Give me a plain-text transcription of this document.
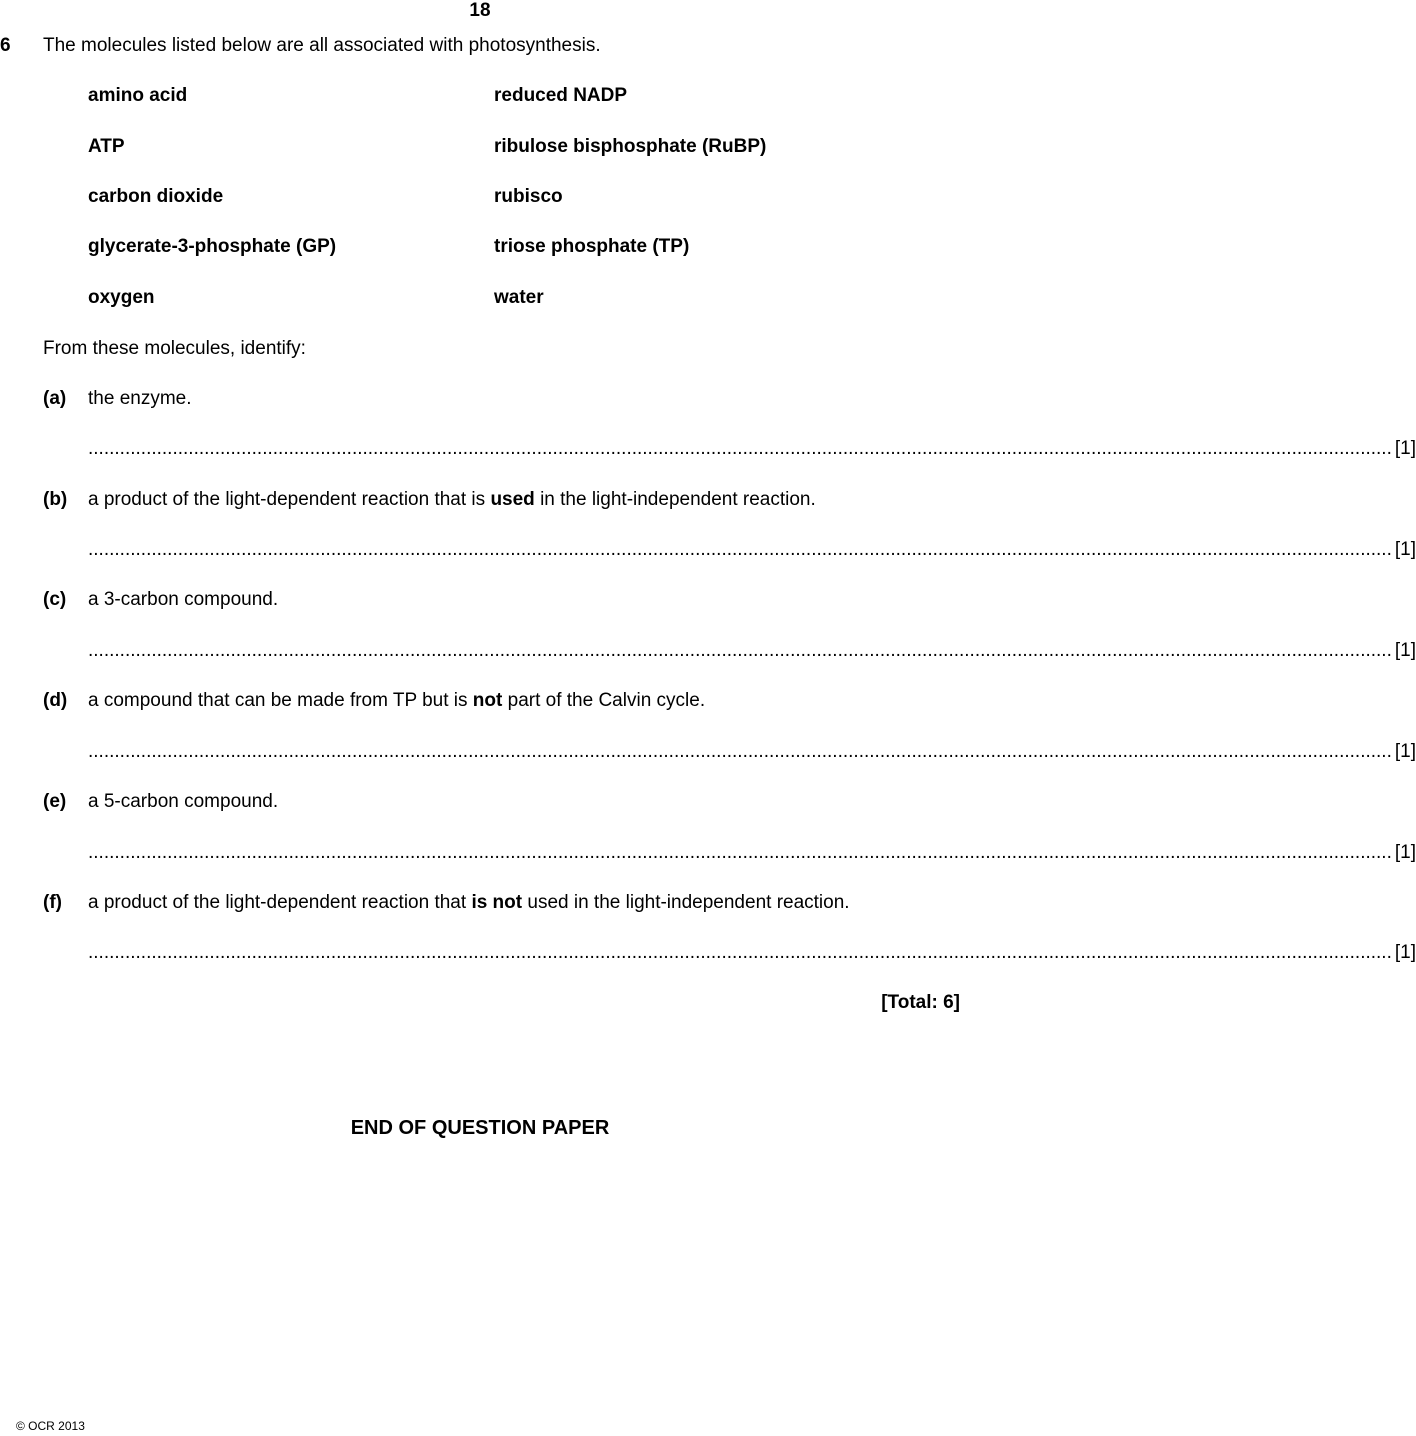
18
6 The molecules listed below are all associated with photosynthesis.
amino acid
ATP
carbon dioxide
glycerate-3-phosphate (GP)
oxygen
reduced NADP
ribulose bisphosphate (RuBP)
rubisco
triose phosphate (TP)
water
From these molecules, identify:
(a) the enzyme.
....................................................................................................................................................................................................................................................... [1]
(b) a product of the light-dependent reaction that is used in the light-independent reaction.
....................................................................................................................................................................................................................................................... [1]
(c) a 3-carbon compound.
....................................................................................................................................................................................................................................................... [1]
(d) a compound that can be made from TP but is not part of the Calvin cycle.
....................................................................................................................................................................................................................................................... [1]
(e) a 5-carbon compound.
....................................................................................................................................................................................................................................................... [1]
(f) a product of the light-dependent reaction that is not used in the light-independent reaction.
....................................................................................................................................................................................................................................................... [1]
[Total: 6]
END OF QUESTION PAPER
© OCR 2013
